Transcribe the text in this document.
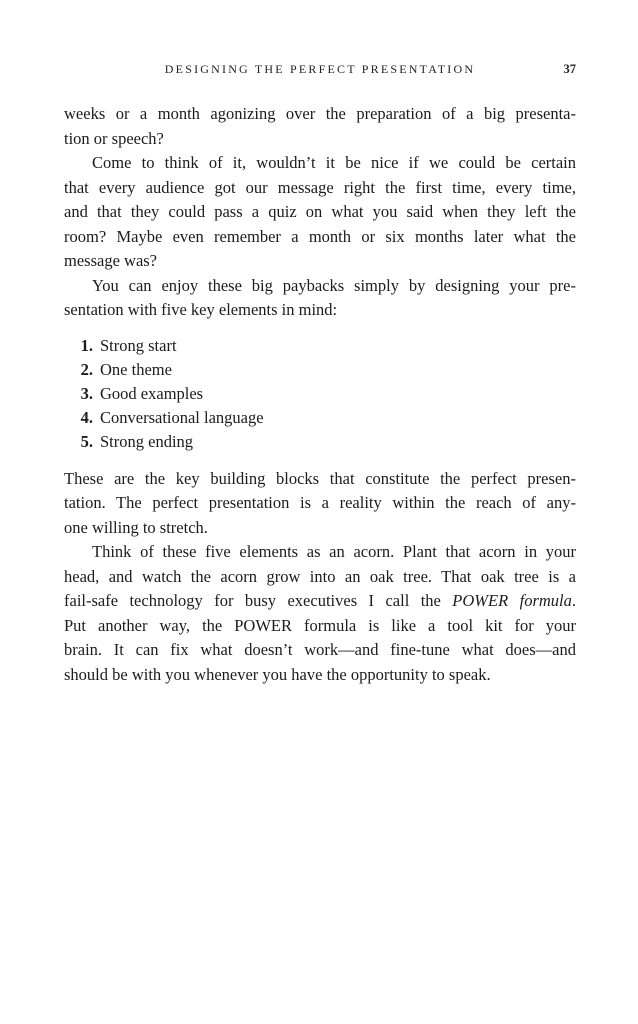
DESIGNING THE PERFECT PRESENTATION	37
weeks or a month agonizing over the preparation of a big presenta-
tion or speech?
Come to think of it, wouldn’t it be nice if we could be certain
that every audience got our message right the first time, every time,
and that they could pass a quiz on what you said when they left the
room? Maybe even remember a month or six months later what the
message was?
You can enjoy these big paybacks simply by designing your pre-
sentation with five key elements in mind:
1. Strong start
2. One theme
3. Good examples
4. Conversational language
5. Strong ending
These are the key building blocks that constitute the perfect presen-
tation. The perfect presentation is a reality within the reach of any-
one willing to stretch.
Think of these five elements as an acorn. Plant that acorn in your
head, and watch the acorn grow into an oak tree. That oak tree is a
fail-safe technology for busy executives I call the POWER formula.
Put another way, the POWER formula is like a tool kit for your
brain. It can fix what doesn’t work—and fine-tune what does—and
should be with you whenever you have the opportunity to speak.
